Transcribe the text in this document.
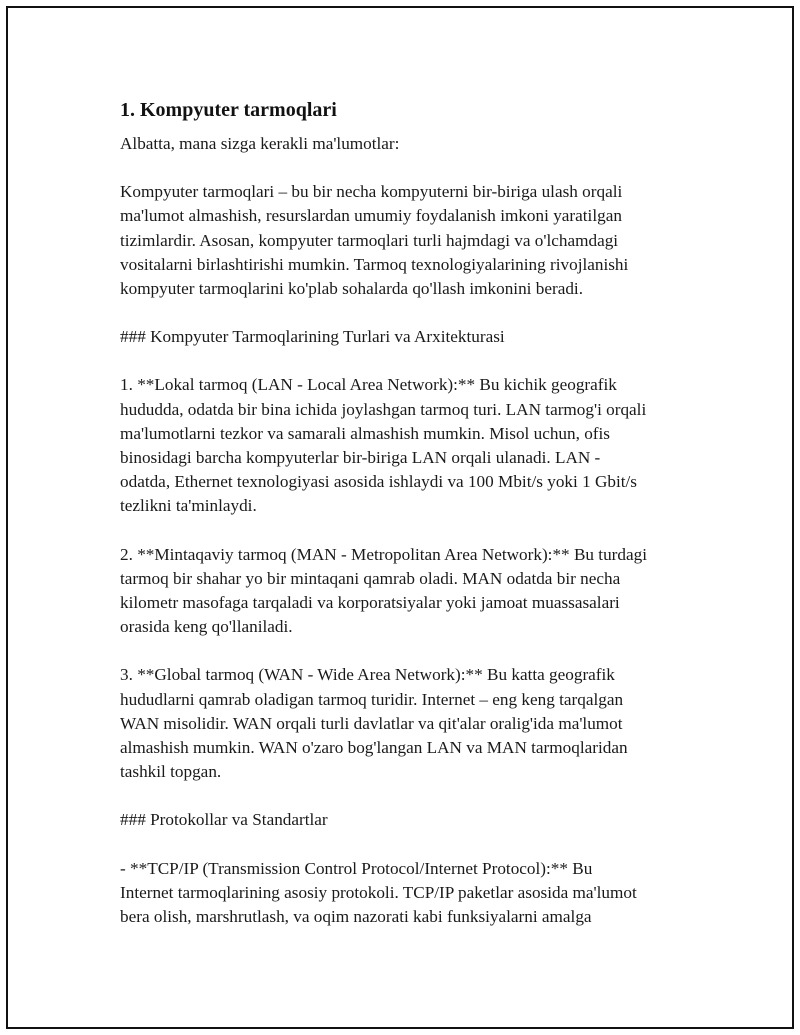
1. Kompyuter tarmoqlari

Albatta, mana sizga kerakli ma'lumotlar:

Kompyuter tarmoqlari – bu bir necha kompyuterni bir-biriga ulash orqali
ma'lumot almashish, resurslardan umumiy foydalanish imkoni yaratilgan
tizimlardir. Asosan, kompyuter tarmoqlari turli hajmdagi va o'lchamdagi
vositalarni birlashtirishi mumkin. Tarmoq texnologiyalarining rivojlanishi
kompyuter tarmoqlarini ko'plab sohalarda qo'llash imkonini beradi.

### Kompyuter Tarmoqlarining Turlari va Arxitekturasi

1. **Lokal tarmoq (LAN - Local Area Network):** Bu kichik geografik
hududda, odatda bir bina ichida joylashgan tarmoq turi. LAN tarmog'i orqali
ma'lumotlarni tezkor va samarali almashish mumkin. Misol uchun, ofis
binosidagi barcha kompyuterlar bir-biriga LAN orqali ulanadi. LAN -
odatda, Ethernet texnologiyasi asosida ishlaydi va 100 Mbit/s yoki 1 Gbit/s
tezlikni ta'minlaydi.

2. **Mintaqaviy tarmoq (MAN - Metropolitan Area Network):** Bu turdagi
tarmoq bir shahar yo bir mintaqani qamrab oladi. MAN odatda bir necha
kilometr masofaga tarqaladi va korporatsiyalar yoki jamoat muassasalari
orasida keng qo'llaniladi.

3. **Global tarmoq (WAN - Wide Area Network):** Bu katta geografik
hududlarni qamrab oladigan tarmoq turidir. Internet – eng keng tarqalgan
WAN misolidir. WAN orqali turli davlatlar va qit'alar oralig'ida ma'lumot
almashish mumkin. WAN o'zaro bog'langan LAN va MAN tarmoqlaridan
tashkil topgan.

### Protokollar va Standartlar

- **TCP/IP (Transmission Control Protocol/Internet Protocol):** Bu
Internet tarmoqlarining asosiy protokoli. TCP/IP paketlar asosida ma'lumot
bera olish, marshrutlash, va oqim nazorati kabi funksiyalarni amalga
